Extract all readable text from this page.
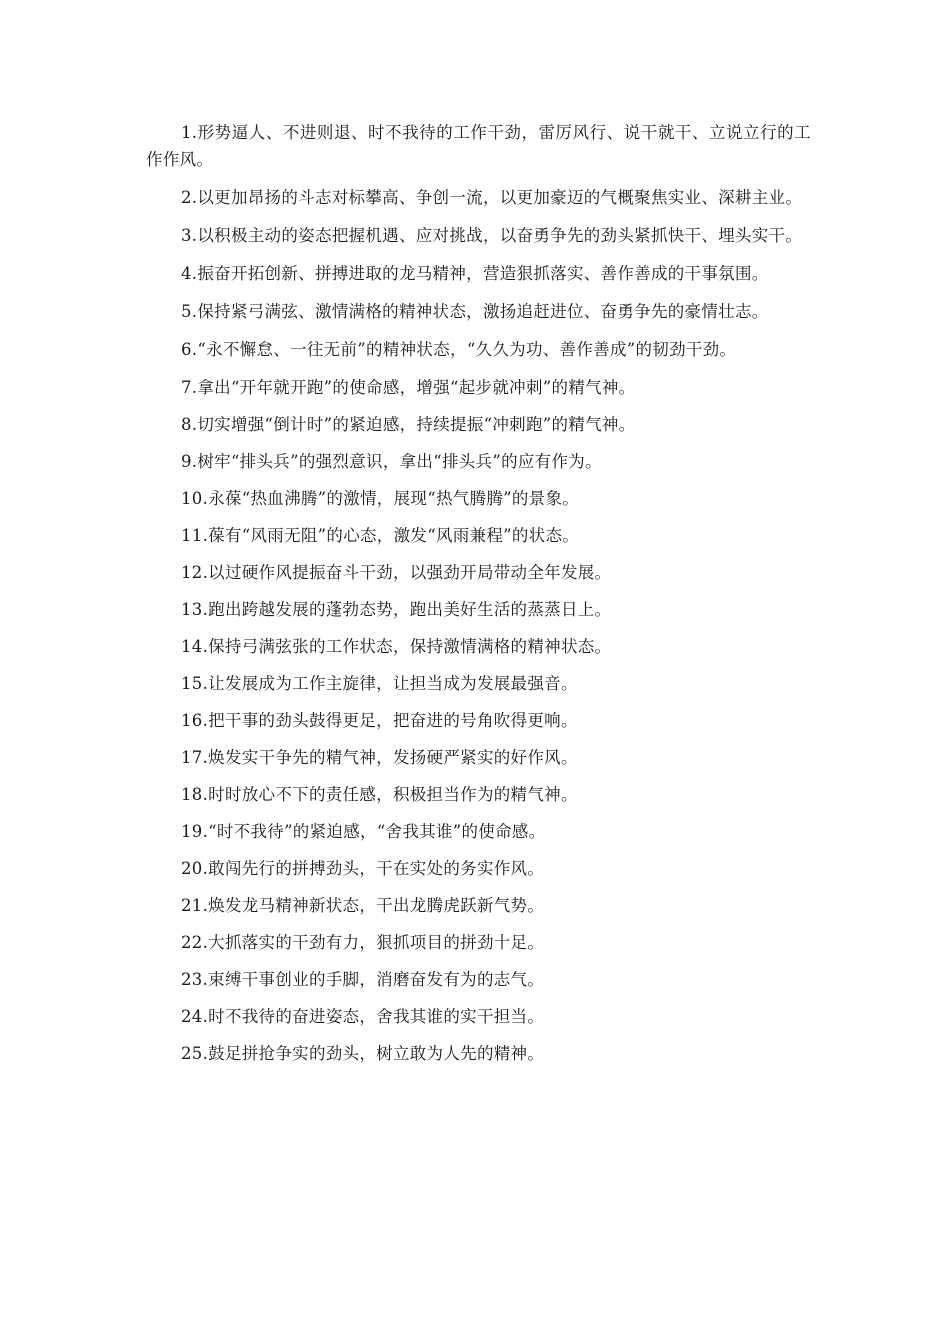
1.形势逼人、不进则退、时不我待的工作干劲，雷厉风行、说干就干、立说立行的工作作风。

2.以更加昂扬的斗志对标攀高、争创一流，以更加豪迈的气概聚焦实业、深耕主业。

3.以积极主动的姿态把握机遇、应对挑战，以奋勇争先的劲头紧抓快干、埋头实干。

4.振奋开拓创新、拼搏进取的龙马精神，营造狠抓落实、善作善成的干事氛围。

5.保持紧弓满弦、激情满格的精神状态，激扬追赶进位、奋勇争先的豪情壮志。

6.“永不懈怠、一往无前”的精神状态，“久久为功、善作善成”的韧劲干劲。

7.拿出“开年就开跑”的使命感，增强“起步就冲刺”的精气神。

8.切实增强“倒计时”的紧迫感，持续提振“冲刺跑”的精气神。

9.树牢“排头兵”的强烈意识，拿出“排头兵”的应有作为。

10.永葆“热血沸腾”的激情，展现“热气腾腾”的景象。

11.葆有“风雨无阻”的心态，激发“风雨兼程”的状态。

12.以过硬作风提振奋斗干劲，以强劲开局带动全年发展。

13.跑出跨越发展的蓬勃态势，跑出美好生活的蒸蒸日上。

14.保持弓满弦张的工作状态，保持激情满格的精神状态。

15.让发展成为工作主旋律，让担当成为发展最强音。

16.把干事的劲头鼓得更足，把奋进的号角吹得更响。

17.焕发实干争先的精气神，发扬硬严紧实的好作风。

18.时时放心不下的责任感，积极担当作为的精气神。

19.“时不我待”的紧迫感，“舍我其谁”的使命感。

20.敢闯先行的拼搏劲头，干在实处的务实作风。

21.焕发龙马精神新状态，干出龙腾虎跃新气势。

22.大抓落实的干劲有力，狠抓项目的拼劲十足。

23.束缚干事创业的手脚，消磨奋发有为的志气。

24.时不我待的奋进姿态，舍我其谁的实干担当。

25.鼓足拼抢争实的劲头，树立敢为人先的精神。
